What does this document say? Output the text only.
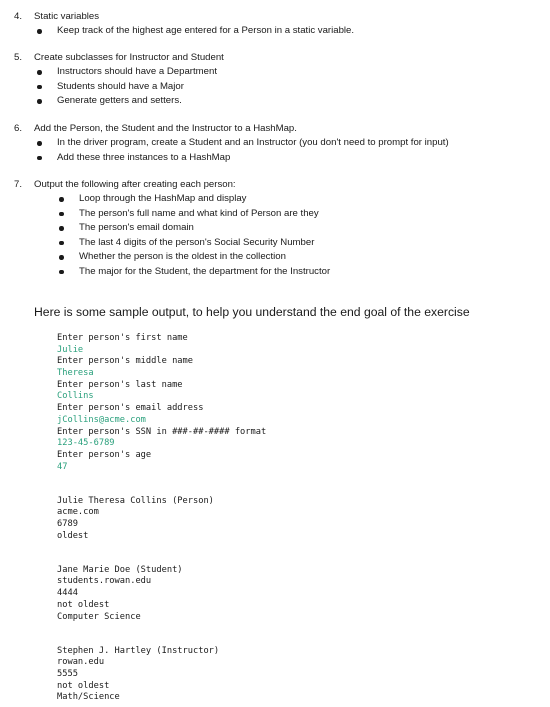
4. Static variables
Keep track of the highest age entered for a Person in a static variable.
5. Create subclasses for Instructor and Student
Instructors should have a Department
Students should have a Major
Generate getters and setters.
6. Add the Person, the Student and the Instructor to a HashMap.
In the driver program, create a Student and an Instructor (you don't need to prompt for input)
Add these three instances to a HashMap
7. Output the following after creating each person:
Loop through the HashMap and display
The person's full name and what kind of Person are they
The person's email domain
The last 4 digits of the person's Social Security Number
Whether the person is the oldest in the collection
The major for the Student, the department for the Instructor
Here is some sample output, to help you understand the end goal of the exercise
Enter person's first name
Julie
Enter person's middle name
Theresa
Enter person's last name
Collins
Enter person's email address
jCollins@acme.com
Enter person's SSN in ###-##-#### format
123-45-6789
Enter person's age
47
Julie Theresa Collins (Person)
acme.com
6789
oldest
Jane Marie Doe (Student)
students.rowan.edu
4444
not oldest
Computer Science
Stephen J. Hartley (Instructor)
rowan.edu
5555
not oldest
Math/Science
